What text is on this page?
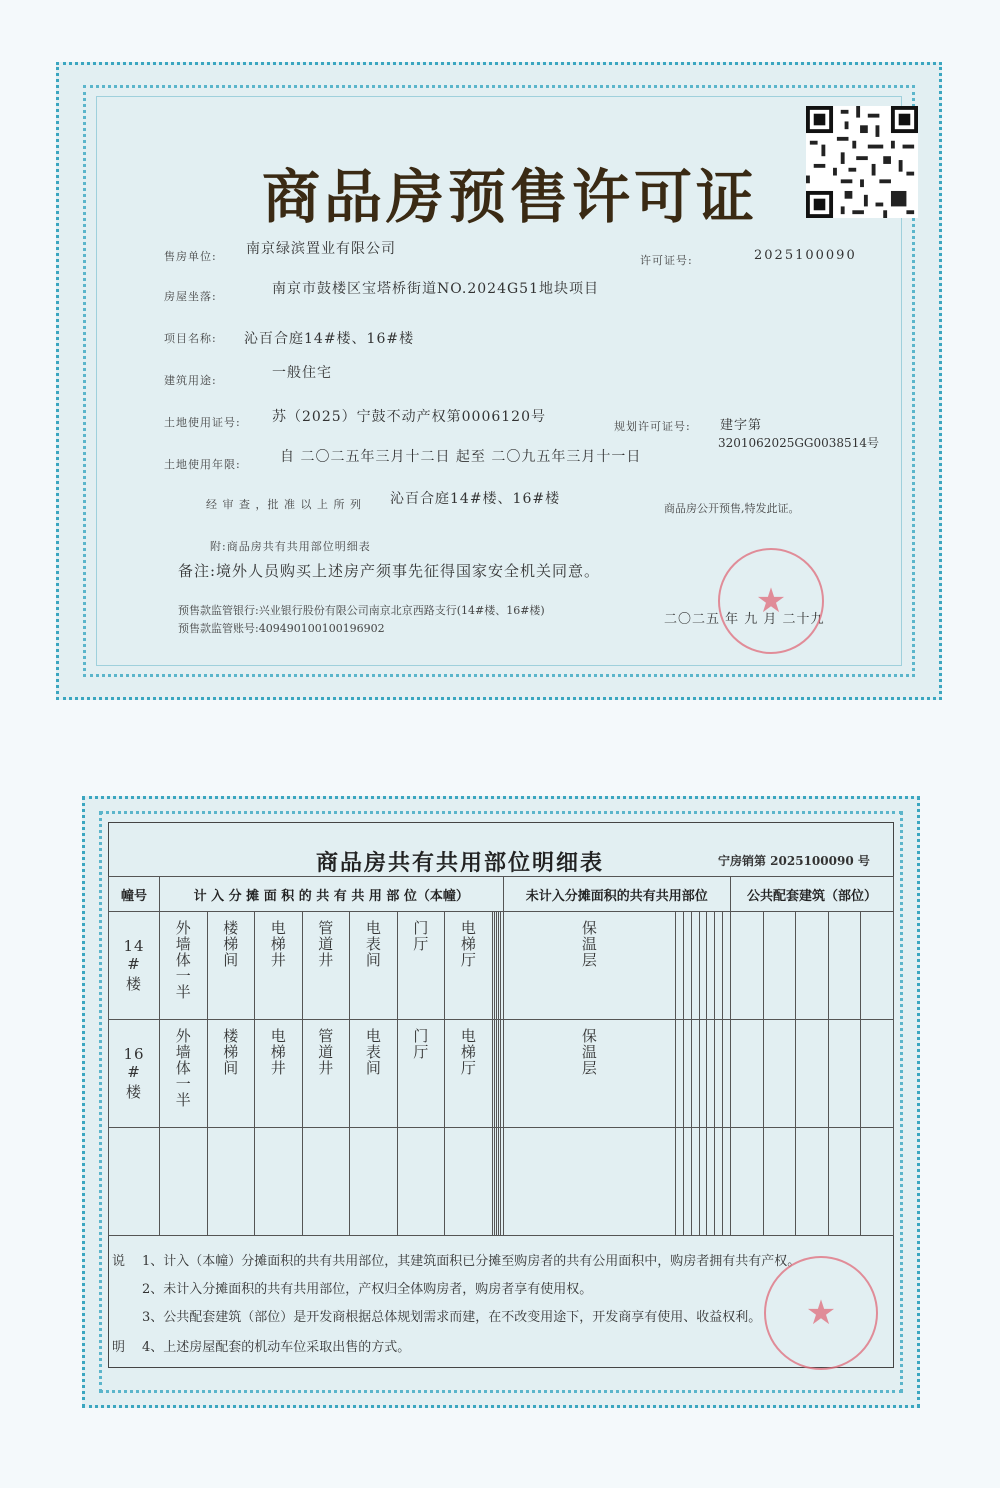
商品房预售许可证
售房单位: 南京绿滨置业有限公司
许可证号:	2025100090
房屋坐落:	南京市鼓楼区宝塔桥街道NO.2024G51地块项目
项目名称: 沁百合庭14#楼、16#楼
建筑用途:	一般住宅
土地使用证号: 苏（2025）宁鼓不动产权第0006120号
规划许可证号: 建字第
3201062025GG0038514号
土地使用年限:	自 二〇二五年三月十二日 起至 二〇九五年三月十一日
经 审 查 ，批 准 以 上 所 列 沁百合庭14#楼、16#楼
商品房公开预售,特发此证。
附:商品房共有共用部位明细表
备注:境外人员购买上述房产须事先征得国家安全机关同意。
预售款监管银行:兴业银行股份有限公司南京北京西路支行(14#楼、16#楼)
预售款监管账号:409490100100196902
二〇二五 年 九 月 二十九
★
商品房共有共用部位明细表	宁房销第 2025100090 号
幢号	计 入 分 摊 面 积 的 共 有 共 用 部 位（本幢）												未计入分摊面积的共有共用部位								公共配套建筑（部位）				

14#楼	外墙体一半	楼梯间	电梯井	管道井	电表间	门厅	电梯厅						保温层												

16#楼	外墙体一半	楼梯间	电梯井	管道井	电表间	门厅	电梯厅						保温层												

说
明
1、计入（本幢）分摊面积的共有共用部位，其建筑面积已分摊至购房者的共有公用面积中，购房者拥有共有产权。
2、未计入分摊面积的共有共用部位，产权归全体购房者，购房者享有使用权。
3、公共配套建筑（部位）是开发商根据总体规划需求而建，在不改变用途下，开发商享有使用、收益权利。
4、上述房屋配套的机动车位采取出售的方式。
★
